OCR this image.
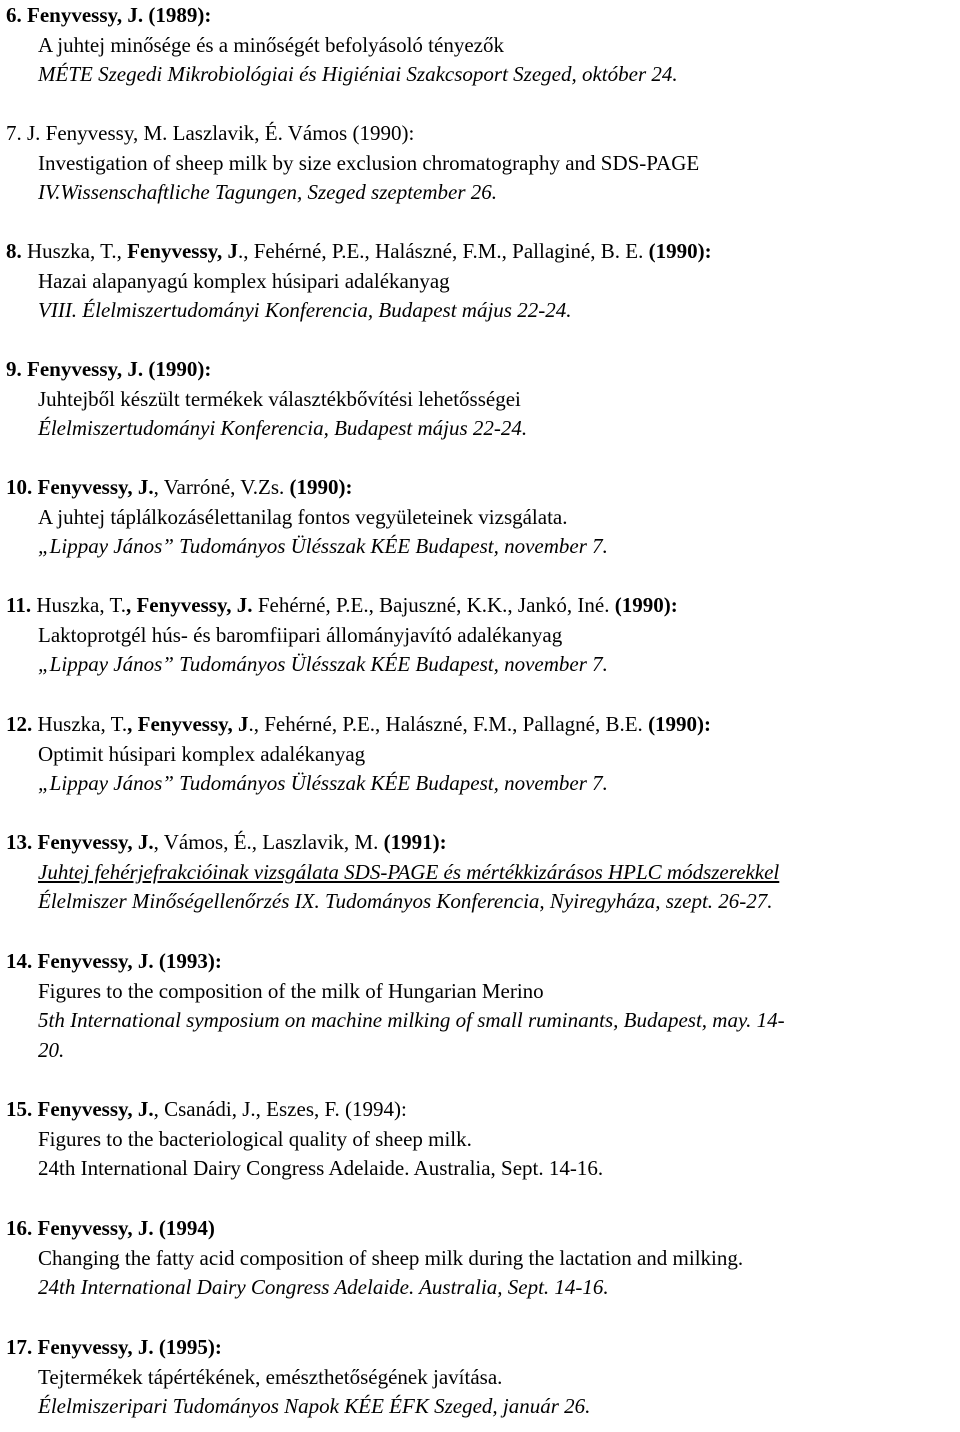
6. Fenyvessy, J. (1989):
A juhtej minősége és a minőségét befolyásoló tényezők
MÉTE Szegedi Mikrobiológiai és Higiéniai Szakcsoport Szeged, október 24.
7. J. Fenyvessy, M. Laszlavik, É. Vámos (1990):
Investigation of sheep milk by size exclusion chromatography and SDS-PAGE
IV.Wissenschaftliche Tagungen, Szeged szeptember 26.
8. Huszka, T., Fenyvessy, J., Fehérné, P.E., Halászné, F.M., Pallaginé, B. E. (1990):
Hazai alapanyagú komplex húsipari adalékanyag
VIII. Élelmiszertudományi Konferencia, Budapest május 22-24.
9. Fenyvessy, J. (1990):
Juhtejből készült termékek választékbővítési lehetősségei
Élelmiszertudományi Konferencia, Budapest május 22-24.
10. Fenyvessy, J., Varróné, V.Zs. (1990):
A juhtej táplálkozásélettanilag fontos vegyületeinek vizsgálata.
„Lippay János” Tudományos Ülésszak KÉE Budapest, november 7.
11. Huszka, T., Fenyvessy, J. Fehérné, P.E., Bajuszné, K.K., Jankó, Iné. (1990):
Laktoprotgél hús- és baromfiipari állományjavító adalékanyag
„Lippay János” Tudományos Ülésszak KÉE Budapest, november 7.
12. Huszka, T., Fenyvessy, J., Fehérné, P.E., Halászné, F.M., Pallagné, B.E. (1990):
Optimit húsipari komplex adalékanyag
„Lippay János” Tudományos Ülésszak KÉE Budapest, november 7.
13. Fenyvessy, J., Vámos, É., Laszlavik, M. (1991):
Juhtej fehérjefrakcióinak vizsgálata SDS-PAGE és mértékkizárásos HPLC módszerekkel
Élelmiszer Minőségellenőrzés IX. Tudományos Konferencia, Nyiregyháza, szept. 26-27.
14. Fenyvessy, J. (1993):
Figures to the composition of the milk of Hungarian Merino
5th International symposium on machine milking of small ruminants, Budapest, may. 14-
20.
15. Fenyvessy, J., Csanádi, J., Eszes, F. (1994):
Figures to the bacteriological quality of sheep milk.
24th International Dairy Congress Adelaide. Australia, Sept. 14-16.
16. Fenyvessy, J. (1994)
Changing the fatty acid composition of sheep milk during the lactation and milking.
24th International Dairy Congress Adelaide. Australia, Sept. 14-16.
17. Fenyvessy, J. (1995):
Tejtermékek tápértékének, emészthetőségének javítása.
Élelmiszeripari Tudományos Napok KÉE ÉFK Szeged, január 26.
